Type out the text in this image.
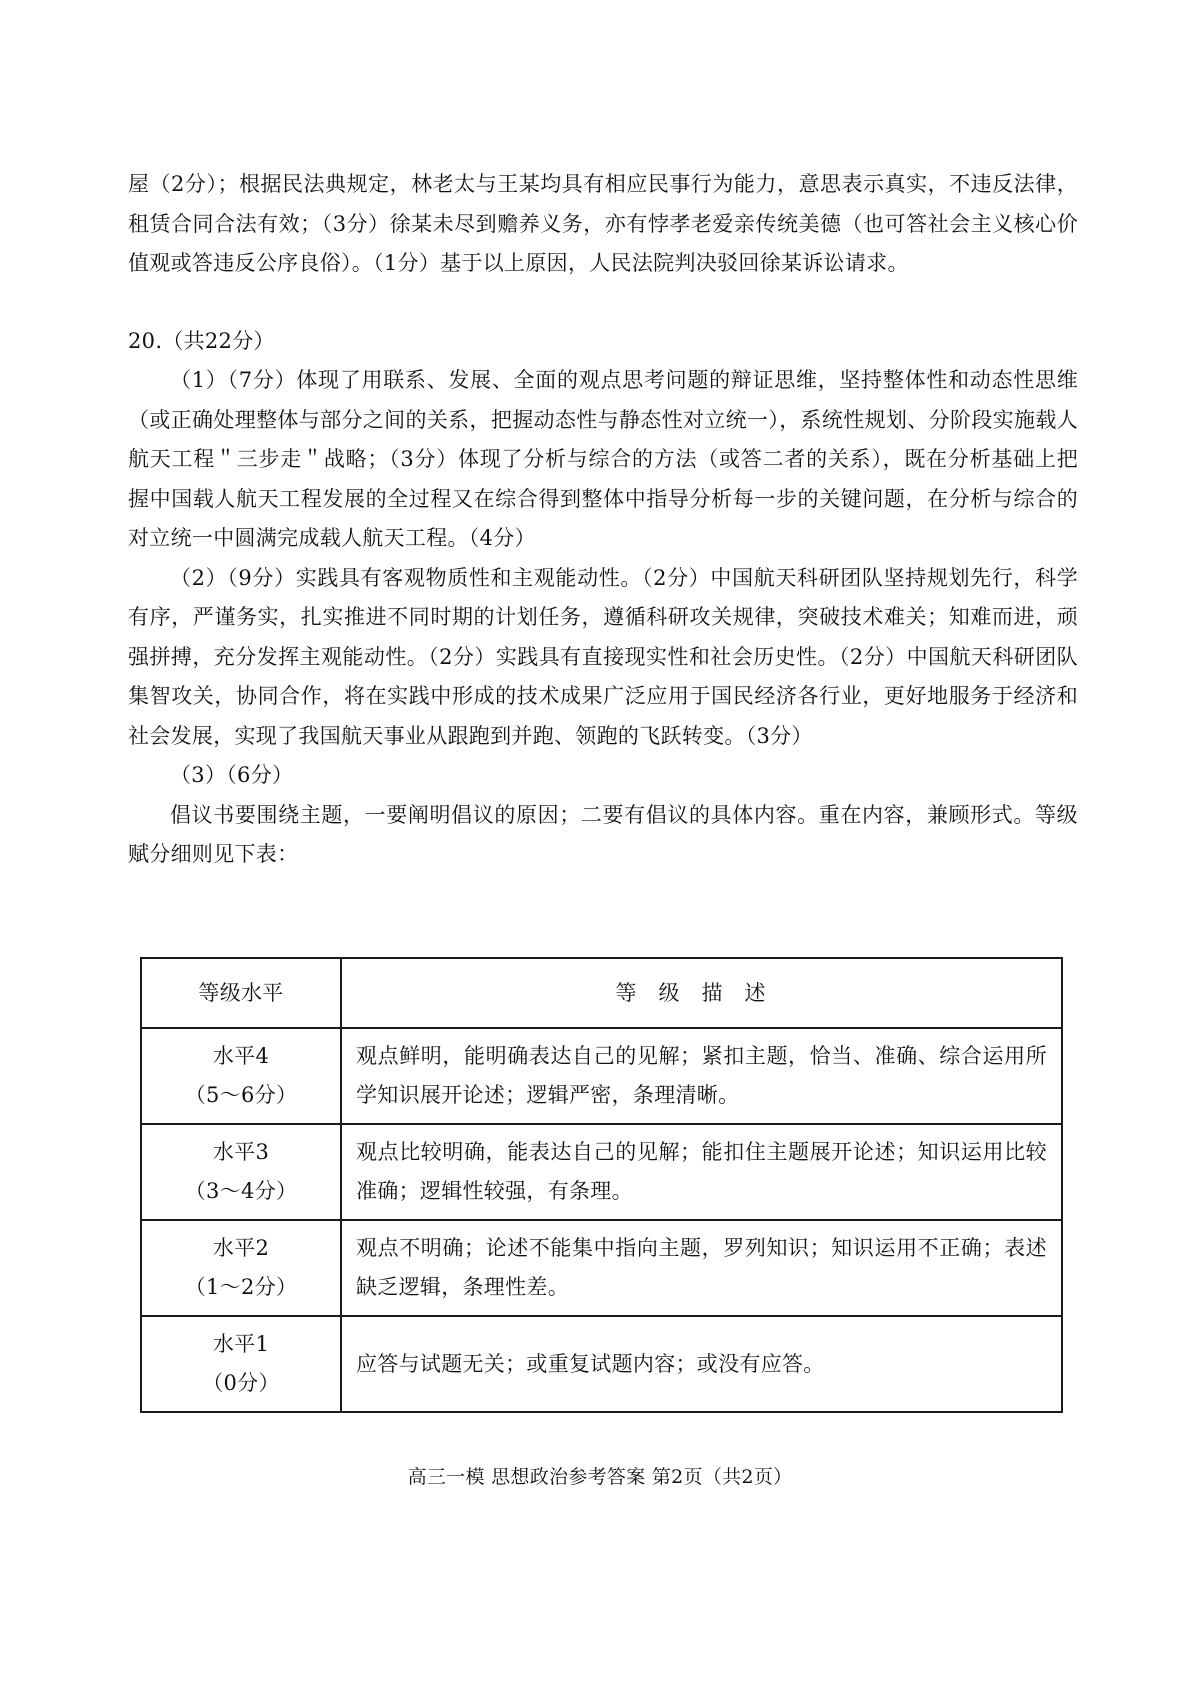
屋（2分）；根据民法典规定，林老太与王某均具有相应民事行为能力，意思表示真实，不违反法律，租赁合同合法有效；（3分）徐某未尽到赡养义务，亦有悖孝老爱亲传统美德（也可答社会主义核心价值观或答违反公序良俗）。（1分）基于以上原因，人民法院判决驳回徐某诉讼请求。

20.（共22分）

（1）（7分）体现了用联系、发展、全面的观点思考问题的辩证思维，坚持整体性和动态性思维（或正确处理整体与部分之间的关系，把握动态性与静态性对立统一），系统性规划、分阶段实施载人航天工程＂三步走＂战略；（3分）体现了分析与综合的方法（或答二者的关系），既在分析基础上把握中国载人航天工程发展的全过程又在综合得到整体中指导分析每一步的关键问题，在分析与综合的对立统一中圆满完成载人航天工程。（4分）

（2）（9分）实践具有客观物质性和主观能动性。（2分）中国航天科研团队坚持规划先行，科学有序，严谨务实，扎实推进不同时期的计划任务，遵循科研攻关规律，突破技术难关；知难而进，顽强拼搏，充分发挥主观能动性。（2分）实践具有直接现实性和社会历史性。（2分）中国航天科研团队集智攻关，协同合作，将在实践中形成的技术成果广泛应用于国民经济各行业，更好地服务于经济和社会发展，实现了我国航天事业从跟跑到并跑、领跑的飞跃转变。（3分）

（3）（6分）

倡议书要围绕主题，一要阐明倡议的原因；二要有倡议的具体内容。重在内容，兼顾形式。等级赋分细则见下表：

等级水平	等级描述

水平4
（5～6分）	观点鲜明，能明确表达自己的见解；紧扣主题，恰当、准确、综合运用所学知识展开论述；逻辑严密，条理清晰。

水平3
（3～4分）	观点比较明确，能表达自己的见解；能扣住主题展开论述；知识运用比较准确；逻辑性较强，有条理。

水平2
（1～2分）	观点不明确；论述不能集中指向主题，罗列知识；知识运用不正确；表述缺乏逻辑，条理性差。

水平1
（0分）	应答与试题无关；或重复试题内容；或没有应答。
高三一模 思想政治参考答案 第2页（共2页）
